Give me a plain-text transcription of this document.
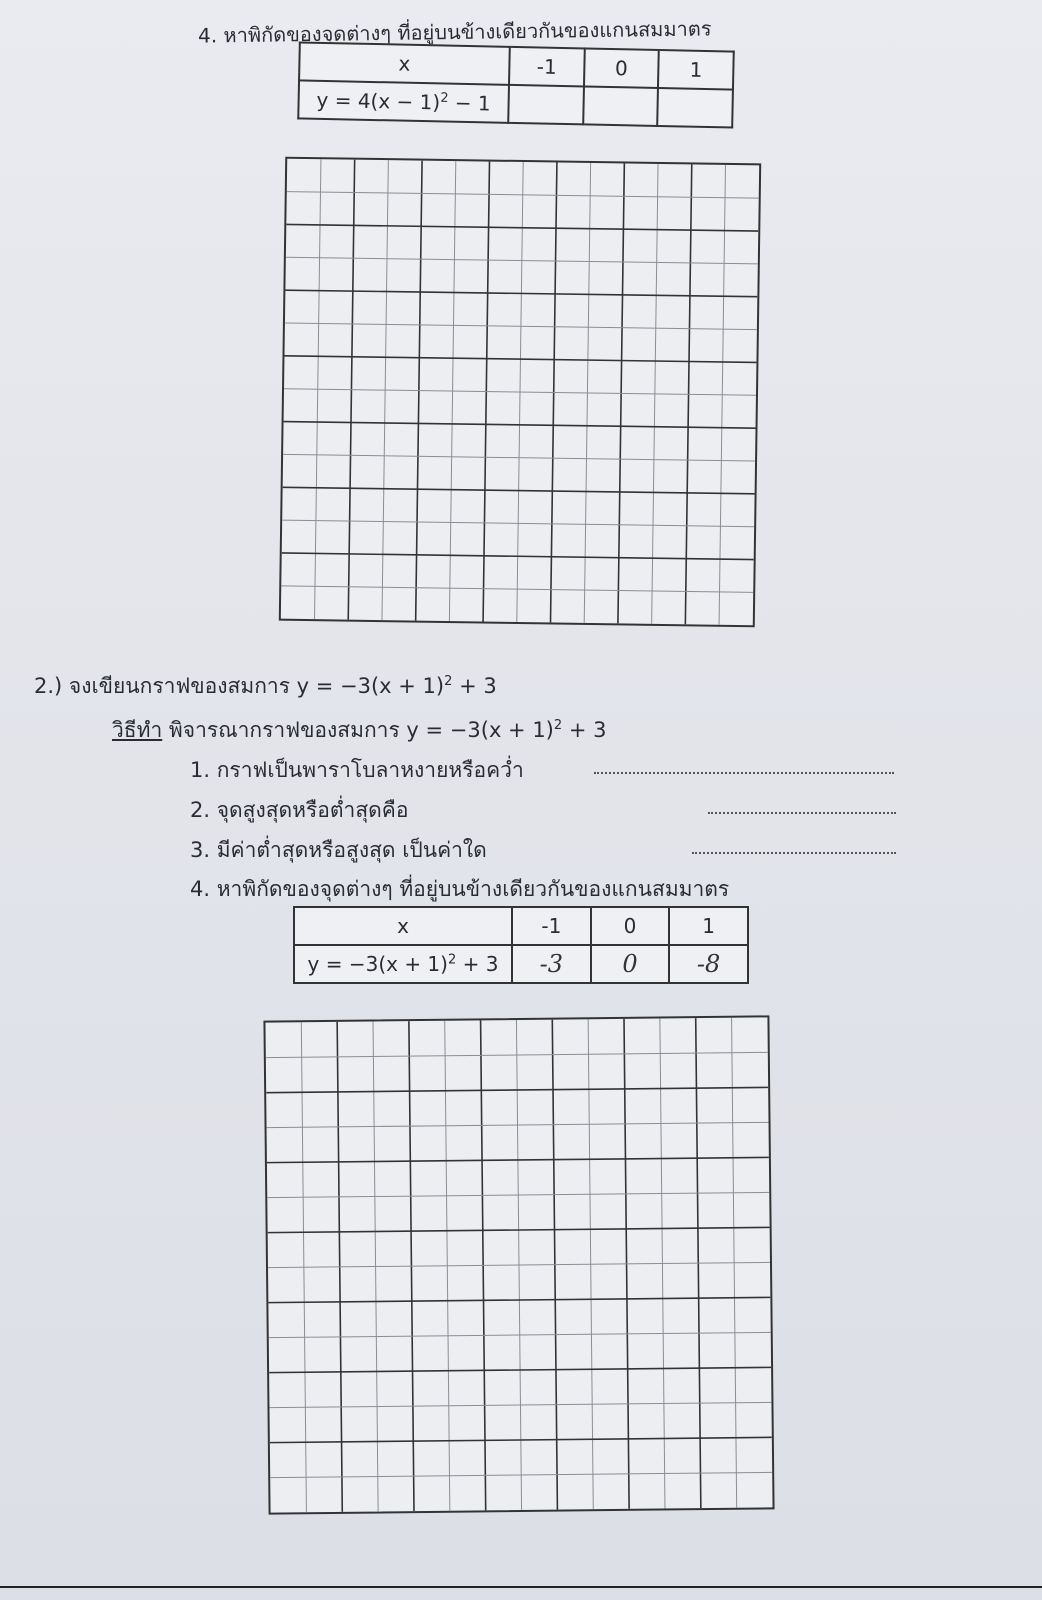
4. หาพิกัดของจุดต่างๆ ที่อยู่บนข้างเดียวกันของแกนสมมาตร
x	-1	0	1
$y = 4(x - 1)^2 - 1$			
2.) จงเขียนกราฟของสมการ $y = -3(x + 1)^2 + 3$
วิธีทำ พิจารณากราฟของสมการ $y = -3(x + 1)^2 + 3$
1. กราฟเป็นพาราโบลาหงายหรือคว่ำ
2. จุดสูงสุดหรือต่ำสุดคือ
3. มีค่าต่ำสุดหรือสูงสุด เป็นค่าใด
4. หาพิกัดของจุดต่างๆ ที่อยู่บนข้างเดียวกันของแกนสมมาตร
x	-1	0	1
$y = -3(x + 1)^2 + 3$	-3	0	-8
